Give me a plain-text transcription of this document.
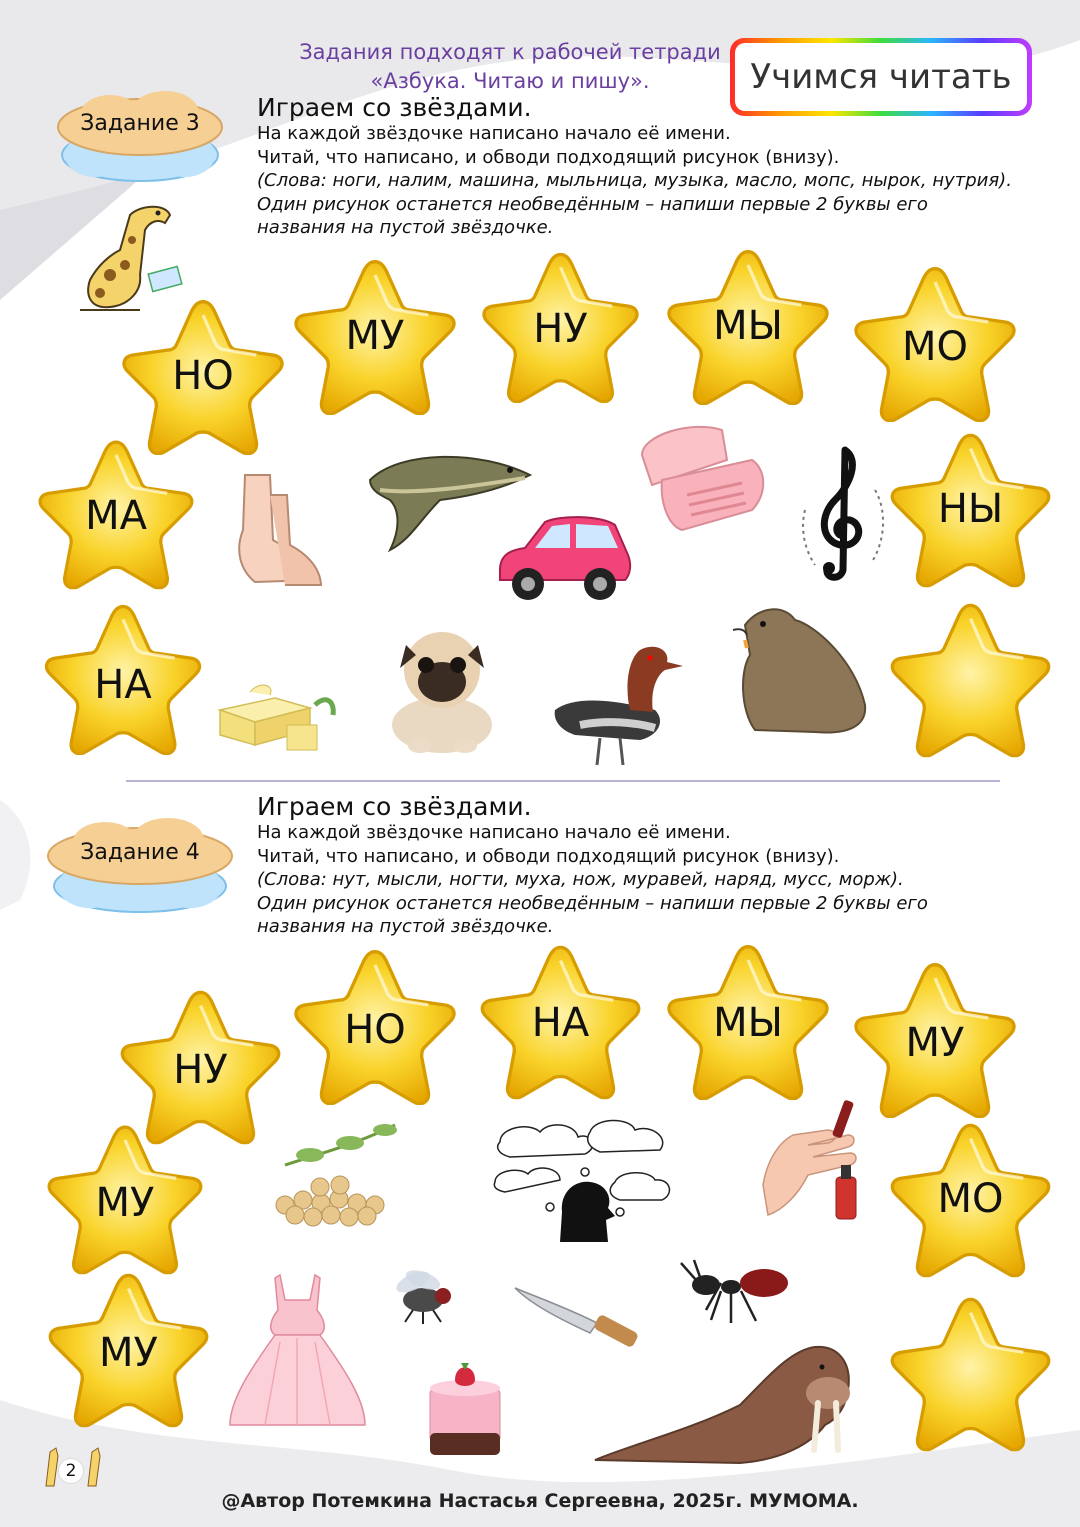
Задания подходят к рабочей тетради
«Азбука. Читаю и пишу».	Учимся читать
Задание 3
Играем со звёздами.
На каждой звёздочке написано начало её имени.
Читай, что написано, и обводи подходящий рисунок (внизу).
(Слова: ноги, налим, машина, мыльница, музыка, масло, мопс, нырок, нутрия).
Один рисунок останется необведённым – напиши первые 2 буквы его
названия на пустой звёздочке.
НО
МУ	НУ	МЫ	МО
МА	НЫ
НА
Задание 4
Играем со звёздами.
На каждой звёздочке написано начало её имени.
Читай, что написано, и обводи подходящий рисунок (внизу).
(Слова: нут, мысли, ногти, муха, нож, муравей, наряд, мусс, морж).
Один рисунок останется необведённым – напиши первые 2 буквы его
названия на пустой звёздочке.
НУ
НО	НА	МЫ	МУ
МУ	МО
МУ
2
@Автор Потемкина Настасья Сергеевна, 2025г. МУМОМА.
